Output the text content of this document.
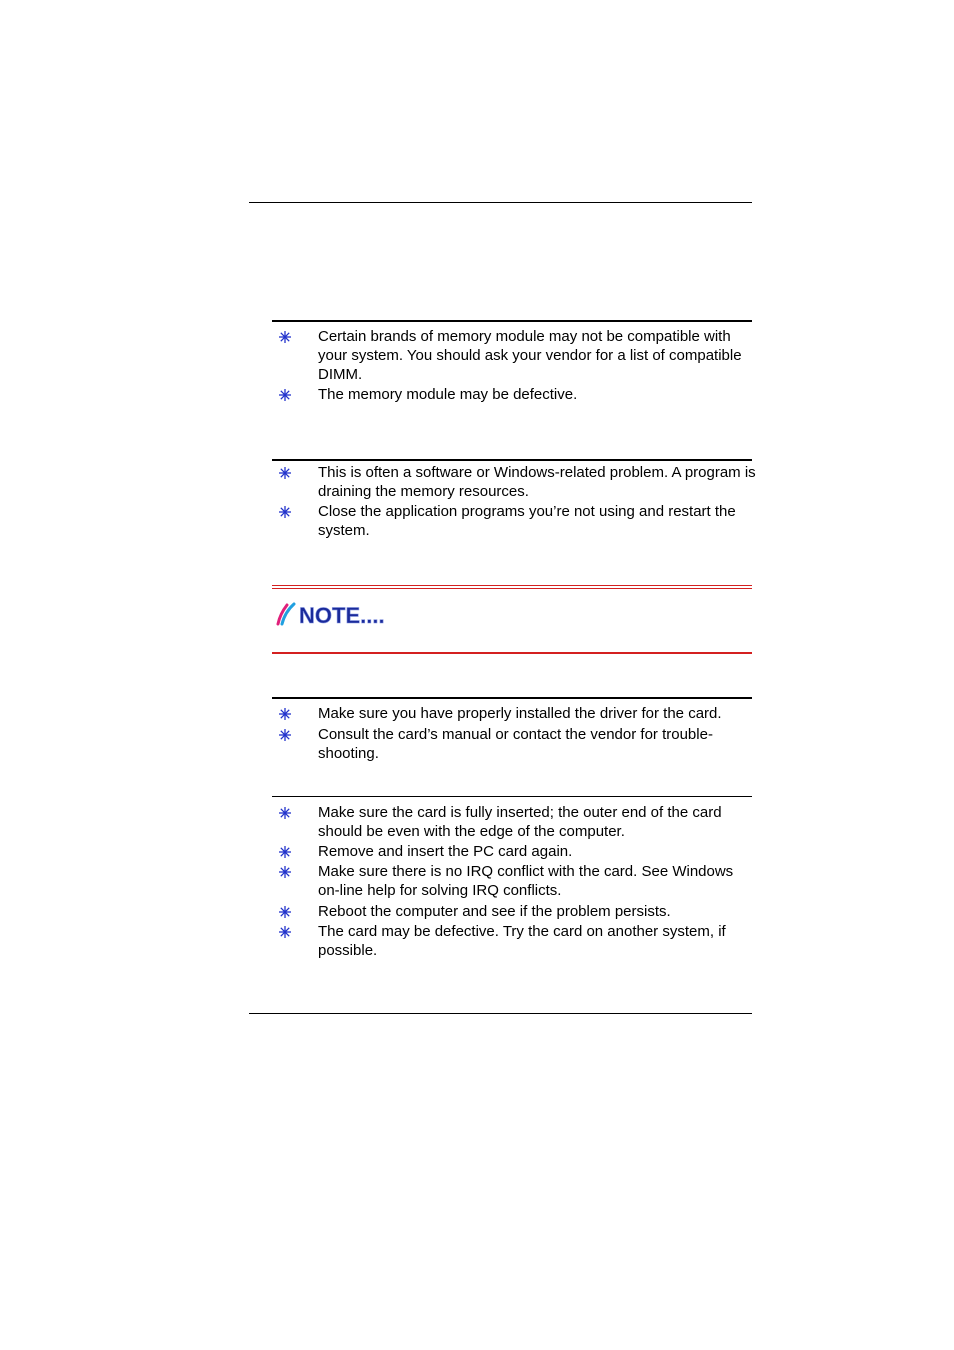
Certain brands of memory module may not be compatible with your system. You should ask your vendor for a list of compatible DIMM.
The memory module may be defective.
This is often a software or Windows-related problem. A program is draining the memory resources.
Close the application programs you’re not using and restart the system.
NOTE....
Make sure you have properly installed the driver for the card.
Consult the card’s manual or contact the vendor for trouble-shooting.
Make sure the card is fully inserted; the outer end of the card should be even with the edge of the computer.
Remove and insert the PC card again.
Make sure there is no IRQ conflict with the card. See Windows on-line help for solving IRQ conflicts.
Reboot the computer and see if the problem persists.
The card may be defective. Try the card on another system, if possible.
